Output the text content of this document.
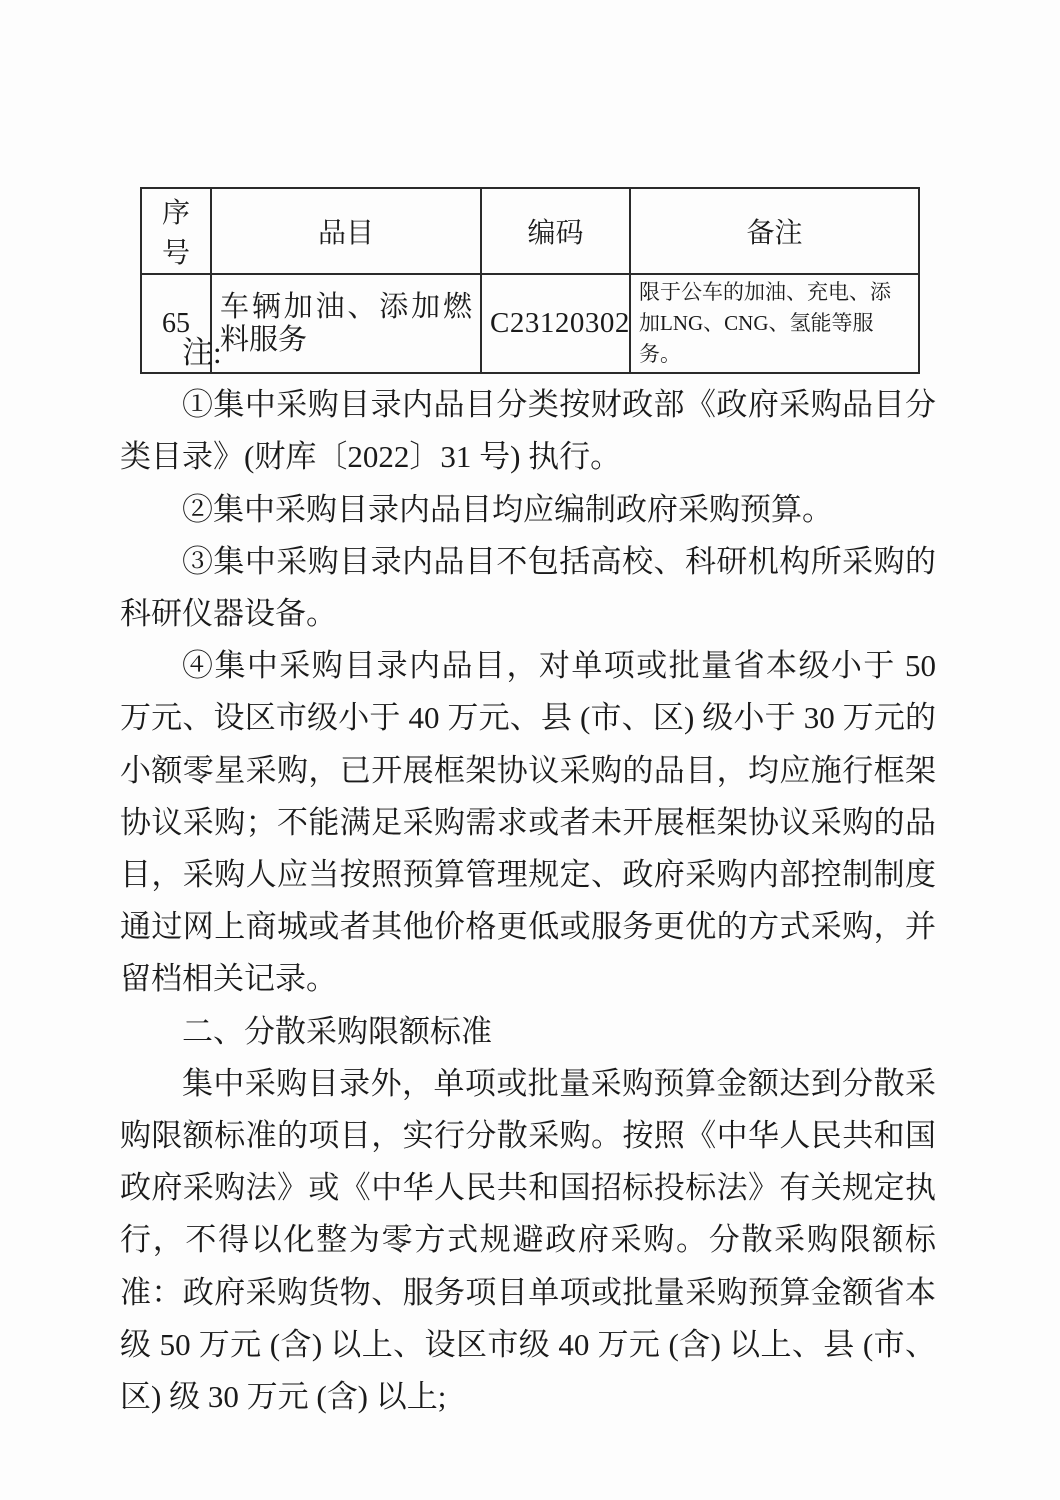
序号	品目	编码	备注
65	车辆加油、添加燃料服务	C23120302	限于公车的加油、充电、添加LNG、CNG、氢能等服务。

注:

①集中采购目录内品目分类按财政部《政府采购品目分类目录》(财库〔2022〕31 号) 执行。

②集中采购目录内品目均应编制政府采购预算。

③集中采购目录内品目不包括高校、科研机构所采购的科研仪器设备。

④集中采购目录内品目，对单项或批量省本级小于 50 万元、设区市级小于 40 万元、县 (市、区) 级小于 30 万元的小额零星采购，已开展框架协议采购的品目，均应施行框架协议采购；不能满足采购需求或者未开展框架协议采购的品目，采购人应当按照预算管理规定、政府采购内部控制制度通过网上商城或者其他价格更低或服务更优的方式采购，并留档相关记录。

二、分散采购限额标准

集中采购目录外，单项或批量采购预算金额达到分散采购限额标准的项目，实行分散采购。按照《中华人民共和国政府采购法》或《中华人民共和国招标投标法》有关规定执行，不得以化整为零方式规避政府采购。分散采购限额标准：政府采购货物、服务项目单项或批量采购预算金额省本级 50 万元 (含) 以上、设区市级 40 万元 (含) 以上、县 (市、区) 级 30 万元 (含) 以上;
